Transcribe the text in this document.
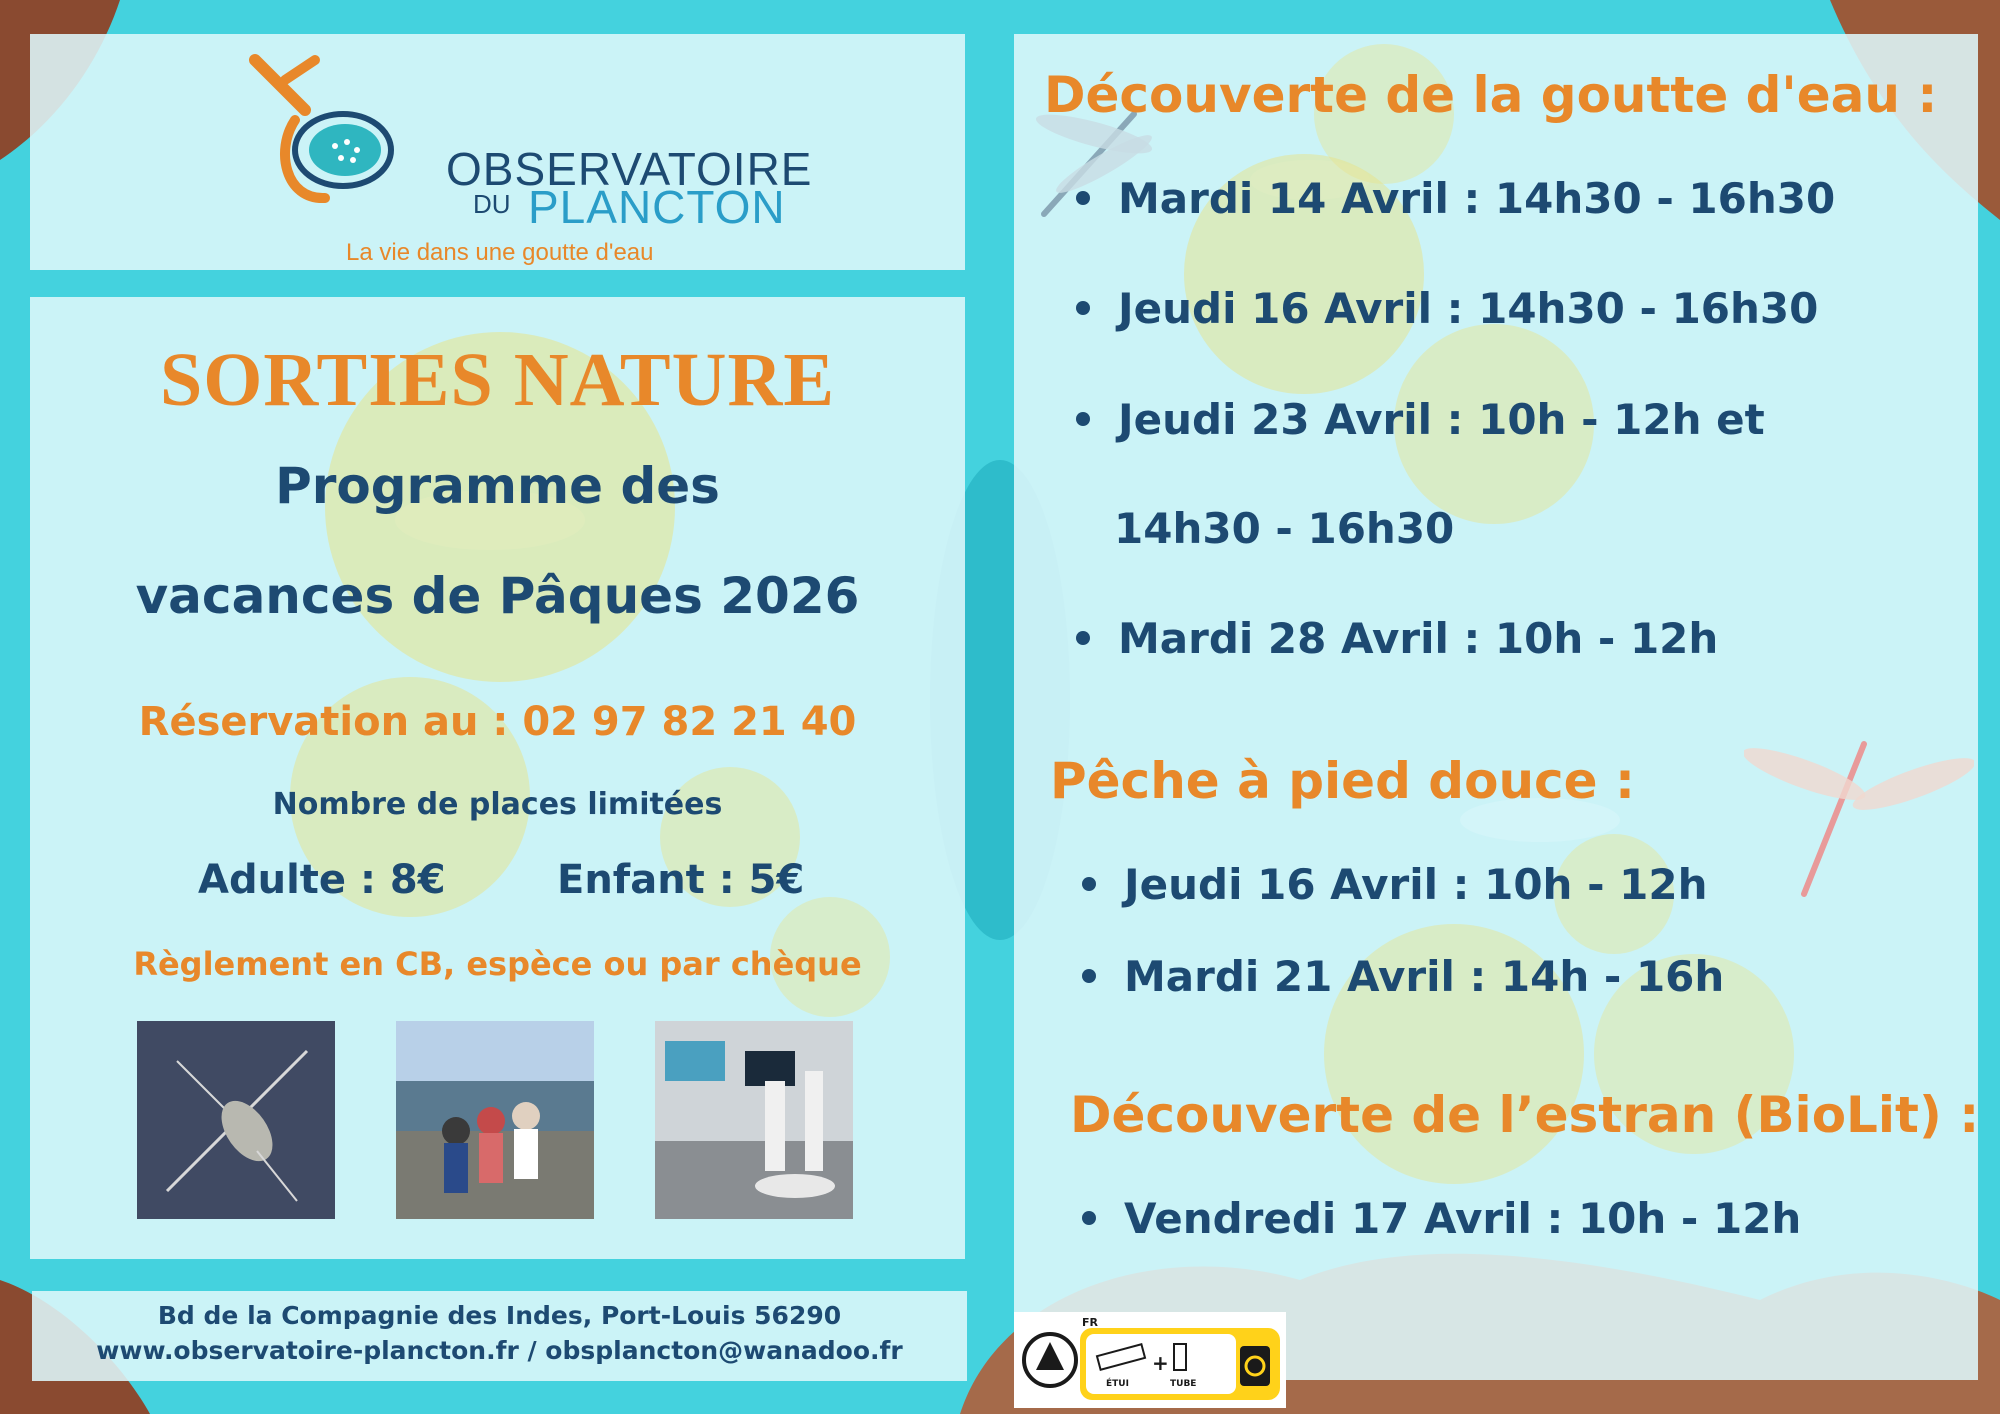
OBSERVATOIRE
DU PLANCTON
La vie dans une goutte d'eau
SORTIES NATURE
Programme des
vacances de Pâques 2026
Réservation au : 02 97 82 21 40
Nombre de places limitées
Adulte : 8€	Enfant : 5€
Règlement en CB, espèce ou par chèque
Bd de la Compagnie des Indes, Port-Louis 56290
www.observatoire-plancton.fr / obsplancton@wanadoo.fr
Découverte de la goutte d'eau :
Mardi 14 Avril : 14h30 - 16h30
Jeudi 16 Avril : 14h30 - 16h30
Jeudi 23 Avril : 10h - 12h et
14h30 - 16h30
Mardi 28 Avril : 10h - 12h
Pêche à pied douce :
Jeudi 16 Avril : 10h - 12h
Mardi 21 Avril : 14h - 16h
Découverte de l’estran (BioLit) :
Vendredi 17 Avril : 10h - 12h
FR
ÉTUI
+
TUBE
